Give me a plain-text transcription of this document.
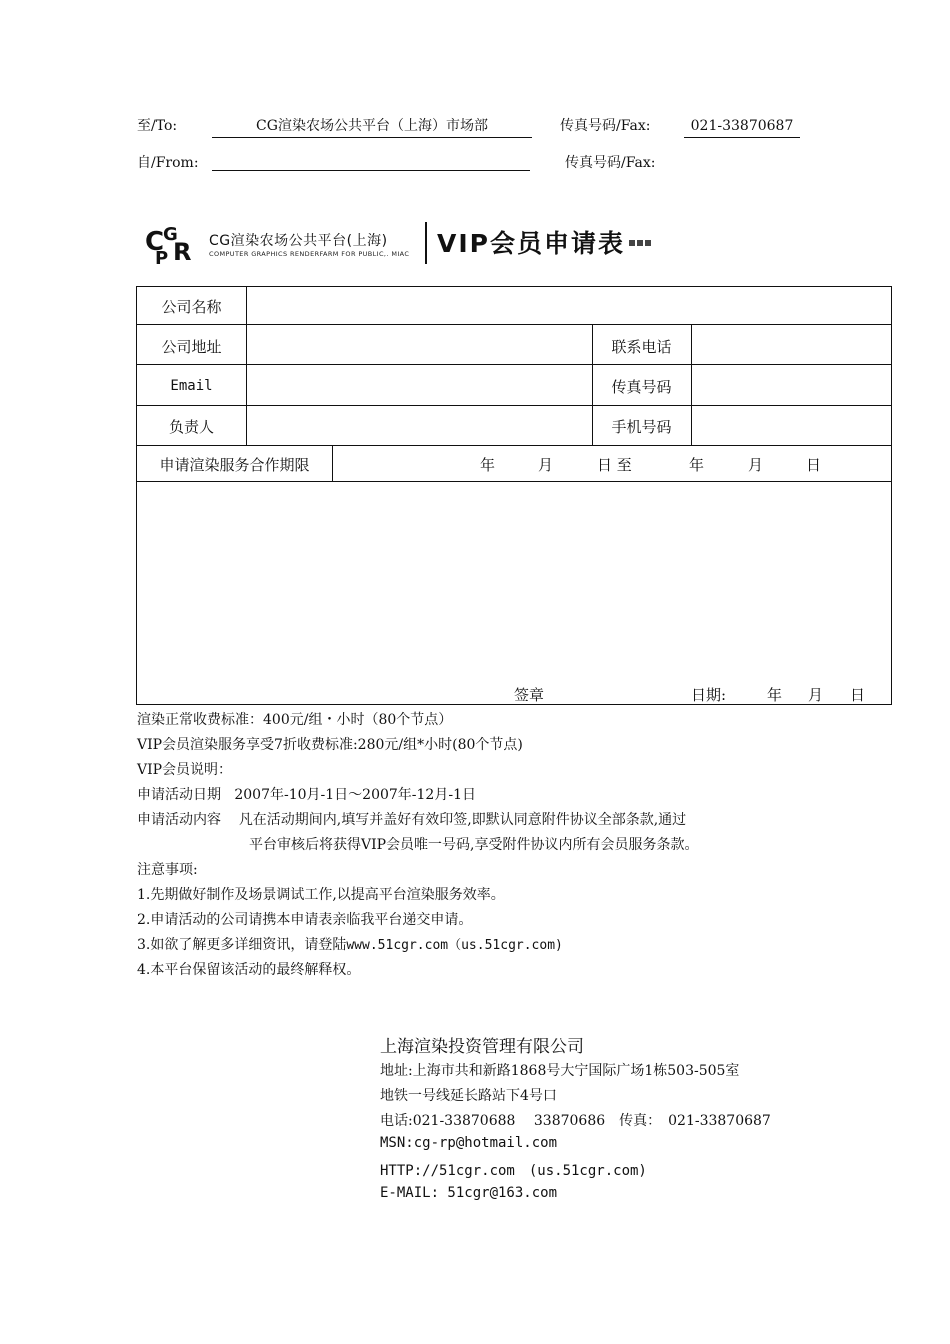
至/To:	CG渲染农场公共平台（上海）市场部	传真号码/Fax:	021-33870687
自/From:	传真号码/Fax:
C
G
P R CG渲染农场公共平台(上海)
COMPUTER GRAPHICS RENDERFARM FOR PUBLIC,. MIAC VIP会员申请表
公司名称
公司地址	联系电话
Email	传真号码
负责人	手机号码
申请渲染服务合作期限	年	月	日 至	年	月	日
签章	日期:	年 月 日
渲染正常收费标准：400元/组・小时（80个节点）
VIP会员渲染服务享受7折收费标准:280元/组*小时(80个节点)
VIP会员说明：
申请活动日期 2007年-10月-1日～2007年-12月-1日
申请活动内容 凡在活动期间内,填写并盖好有效印签,即默认同意附件协议全部条款,通过
平台审核后将获得VIP会员唯一号码,享受附件协议内所有会员服务条款。
注意事项:
1.先期做好制作及场景调试工作,以提高平台渲染服务效率。
2.申请活动的公司请携本申请表亲临我平台递交申请。
3.如欲了解更多详细资讯，请登陆www.51cgr.com（us.51cgr.com)
4.本平台保留该活动的最终解释权。
上海渲染投资管理有限公司
地址:上海市共和新路1868号大宁国际广场1栋503-505室
地铁一号线延长路站下4号口
电话:021-33870688　 33870686　传真：　021-33870687
MSN:cg-rp@hotmail.com
HTTP://51cgr.com　(us.51cgr.com)
E-MAIL: 51cgr@163.com
